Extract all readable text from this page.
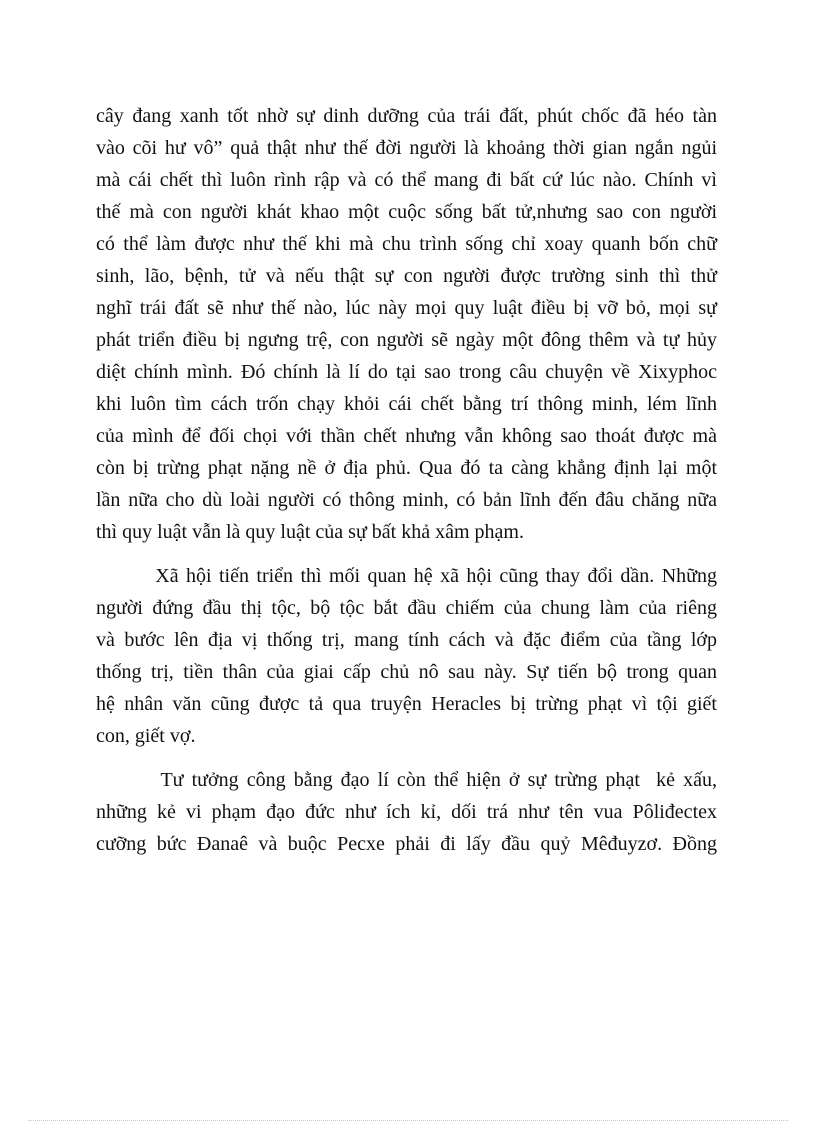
cây đang xanh tốt nhờ sự dinh dưỡng của trái đất, phút chốc đã héo tàn
vào cõi hư vô” quả thật như thế đời người là khoảng thời gian ngắn ngủi
mà cái chết thì luôn rình rập và có thể mang đi bất cứ lúc nào. Chính vì
thế mà con người khát khao một cuộc sống bất tử,nhưng sao con người
có thể làm được như thế khi mà chu trình sống chỉ xoay quanh bốn chữ
sinh, lão, bệnh, tử và nếu thật sự con người được trường sinh thì thử
nghĩ trái đất sẽ như thế nào, lúc này mọi quy luật điều bị vỡ bỏ, mọi sự
phát triển điều bị ngưng trệ, con người sẽ ngày một đông thêm và tự hủy
diệt chính mình. Đó chính là lí do tại sao trong câu chuyện về Xixyphoc
khi luôn tìm cách trốn chạy khỏi cái chết bằng trí thông minh, lém lĩnh
của mình để đối chọi với thần chết nhưng vẫn không sao thoát được mà
còn bị trừng phạt nặng nề ở địa phủ. Qua đó ta càng khẳng định lại một
lần nữa cho dù loài người có thông minh, có bản lĩnh đến đâu chăng nữa
thì quy luật vẫn là quy luật của sự bất khả xâm phạm.
Xã hội tiến triển thì mối quan hệ xã hội cũng thay đổi dần. Những
người đứng đầu thị tộc, bộ tộc bắt đầu chiếm của chung làm của riêng
và bước lên địa vị thống trị, mang tính cách và đặc điểm của tầng lớp
thống trị, tiền thân của giai cấp chủ nô sau này. Sự tiến bộ trong quan
hệ nhân văn cũng được tả qua truyện Heracles bị trừng phạt vì tội giết
con, giết vợ.
Tư tưởng công bằng đạo lí còn thể hiện ở sự trừng phạt  kẻ xấu,
những kẻ vi phạm đạo đức như ích kỉ, dối trá như tên vua Pôliđectex
cưỡng bức Đanaê và buộc Pecxe phải đi lấy đầu quỷ Mêđuyzơ. Đồng
